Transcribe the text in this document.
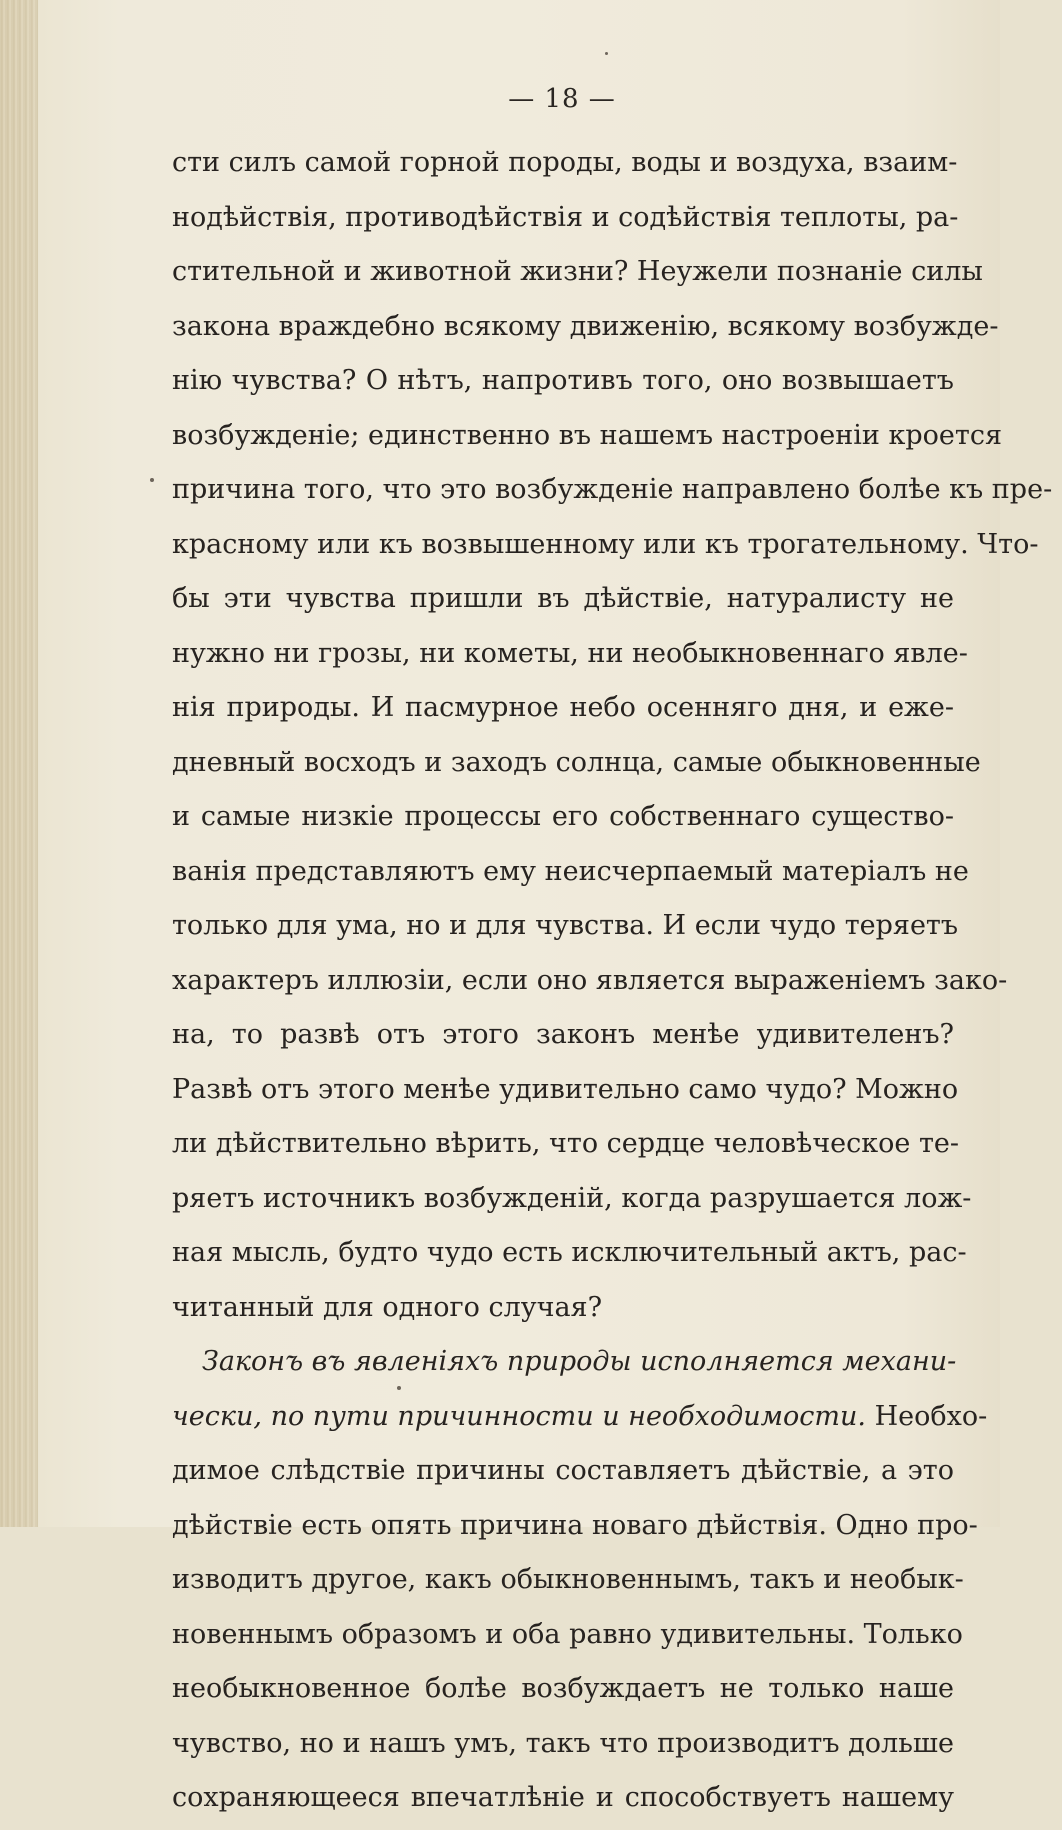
— 18 —
сти силъ самой горной породы, воды и воздуха, взаим-
нодѣйствія, противодѣйствія и содѣйствія теплоты, ра-
стительной и животной жизни? Неужели познаніе силы
закона враждебно всякому движенію, всякому возбужде-
нію чувства? О нѣтъ, напротивъ того, оно возвышаетъ
возбужденіе; единственно въ нашемъ настроеніи кроется
причина того, что это возбужденіе направлено болѣе къ пре-
красному или къ возвышенному или къ трогательному. Что-
бы эти чувства пришли въ дѣйствіе, натуралисту не
нужно ни грозы, ни кометы, ни необыкновеннаго явле-
нія природы. И пасмурное небо осенняго дня, и еже-
дневный восходъ и заходъ солнца, самые обыкновенные
и самые низкіе процессы его собственнаго существо-
ванія представляютъ ему неисчерпаемый матеріалъ не
только для ума, но и для чувства. И если чудо теряетъ
характеръ иллюзіи, если оно является выраженіемъ зако-
на, то развѣ отъ этого законъ менѣе удивителенъ?
Развѣ отъ этого менѣе удивительно само чудо? Можно
ли дѣйствительно вѣрить, что сердце человѣческое те-
ряетъ источникъ возбужденій, когда разрушается лож-
ная мысль, будто чудо есть исключительный актъ, рас-
читанный для одного случая?
Законъ въ явленіяхъ природы исполняется механи-
чески, по пути причинности и необходимости. Необхо-
димое слѣдствіе причины составляетъ дѣйствіе, а это
дѣйствіе есть опять причина новаго дѣйствія. Одно про-
изводитъ другое, какъ обыкновеннымъ, такъ и необык-
новеннымъ образомъ и оба равно удивительны. Только
необыкновенное болѣе возбуждаетъ не только наше
чувство, но и нашъ умъ, такъ что производитъ дольше
сохраняющееся впечатлѣніе и способствуетъ нашему
